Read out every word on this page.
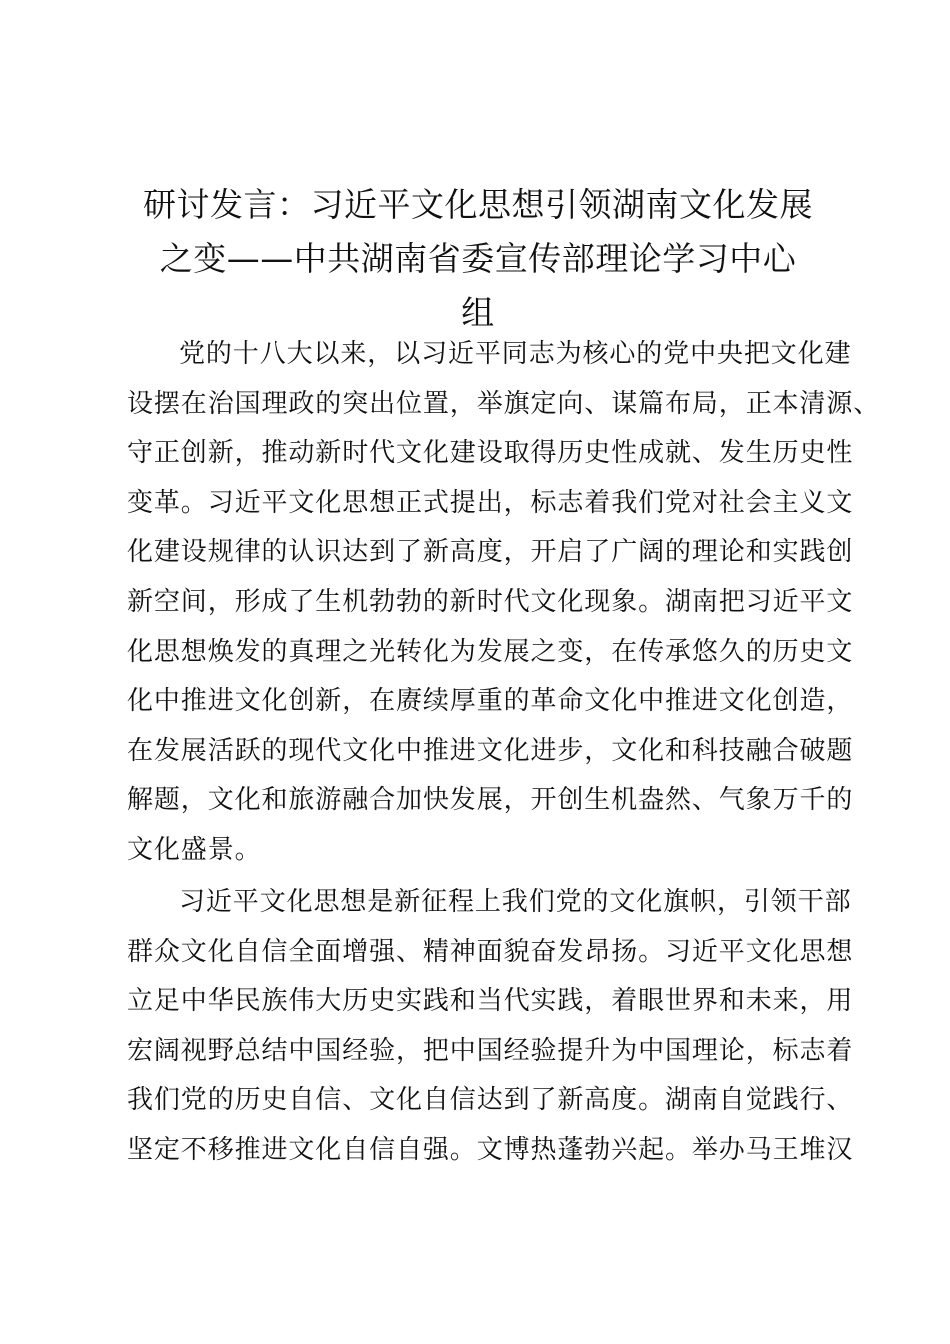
研讨发言：习近平文化思想引领湖南文化发展
之变——中共湖南省委宣传部理论学习中心
组
党的十八大以来，以习近平同志为核心的党中央把文化建
设摆在治国理政的突出位置，举旗定向、谋篇布局，正本清源、
守正创新，推动新时代文化建设取得历史性成就、发生历史性
变革。习近平文化思想正式提出，标志着我们党对社会主义文
化建设规律的认识达到了新高度，开启了广阔的理论和实践创
新空间，形成了生机勃勃的新时代文化现象。湖南把习近平文
化思想焕发的真理之光转化为发展之变，在传承悠久的历史文
化中推进文化创新，在赓续厚重的革命文化中推进文化创造，
在发展活跃的现代文化中推进文化进步，文化和科技融合破题
解题，文化和旅游融合加快发展，开创生机盎然、气象万千的
文化盛景。
习近平文化思想是新征程上我们党的文化旗帜，引领干部
群众文化自信全面增强、精神面貌奋发昂扬。习近平文化思想
立足中华民族伟大历史实践和当代实践，着眼世界和未来，用
宏阔视野总结中国经验，把中国经验提升为中国理论，标志着
我们党的历史自信、文化自信达到了新高度。湖南自觉践行、
坚定不移推进文化自信自强。文博热蓬勃兴起。举办马王堆汉
